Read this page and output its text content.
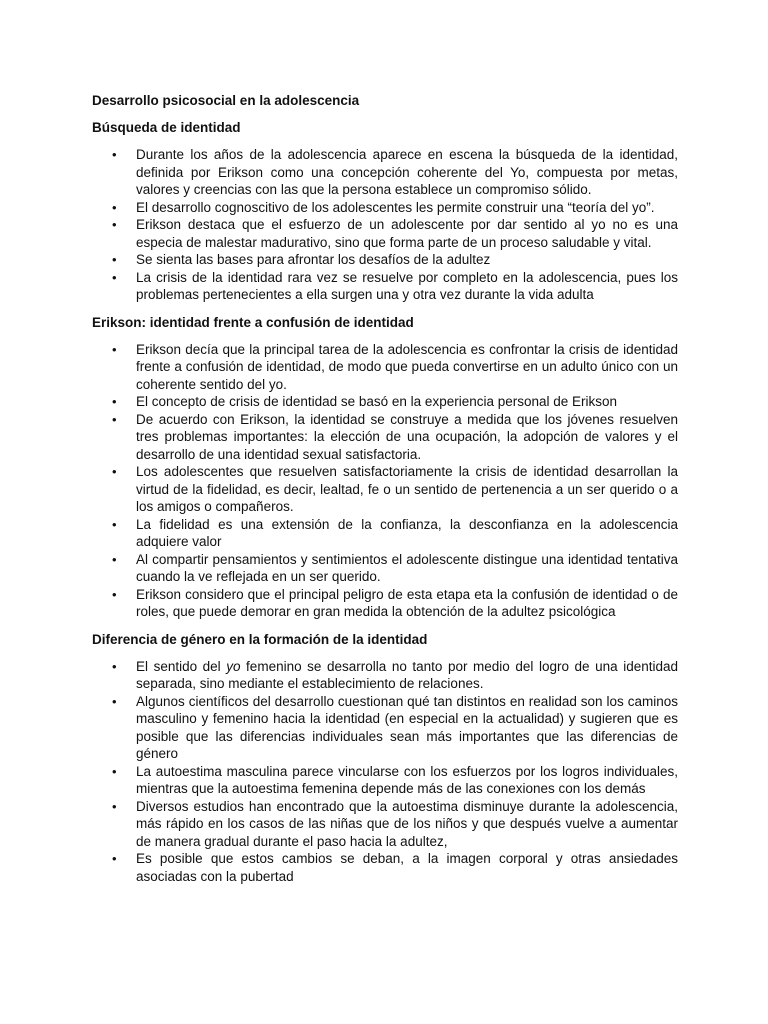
Desarrollo psicosocial en la adolescencia
Búsqueda de identidad
• Durante los años de la adolescencia aparece en escena la búsqueda de la identidad, definida por Erikson como una concepción coherente del Yo, compuesta por metas, valores y creencias con las que la persona establece un compromiso sólido.
• El desarrollo cognoscitivo de los adolescentes les permite construir una “teoría del yo”.
• Erikson destaca que el esfuerzo de un adolescente por dar sentido al yo no es una especia de malestar madurativo, sino que forma parte de un proceso saludable y vital.
• Se sienta las bases para afrontar los desafíos de la adultez
• La crisis de la identidad rara vez se resuelve por completo en la adolescencia, pues los problemas pertenecientes a ella surgen una y otra vez durante la vida adulta
Erikson: identidad frente a confusión de identidad
• Erikson decía que la principal tarea de la adolescencia es confrontar la crisis de identidad frente a confusión de identidad, de modo que pueda convertirse en un adulto único con un coherente sentido del yo.
• El concepto de crisis de identidad se basó en la experiencia personal de Erikson
• De acuerdo con Erikson, la identidad se construye a medida que los jóvenes resuelven tres problemas importantes: la elección de una ocupación, la adopción de valores y el desarrollo de una identidad sexual satisfactoria.
• Los adolescentes que resuelven satisfactoriamente la crisis de identidad desarrollan la virtud de la fidelidad, es decir, lealtad, fe o un sentido de pertenencia a un ser querido o a los amigos o compañeros.
• La fidelidad es una extensión de la confianza, la desconfianza en la adolescencia adquiere valor
• Al compartir pensamientos y sentimientos el adolescente distingue una identidad tentativa cuando la ve reflejada en un ser querido.
• Erikson considero que el principal peligro de esta etapa eta la confusión de identidad o de roles, que puede demorar en gran medida la obtención de la adultez psicológica
Diferencia de género en la formación de la identidad
• El sentido del yo femenino se desarrolla no tanto por medio del logro de una identidad separada, sino mediante el establecimiento de relaciones.
• Algunos científicos del desarrollo cuestionan qué tan distintos en realidad son los caminos masculino y femenino hacia la identidad (en especial en la actualidad) y sugieren que es posible que las diferencias individuales sean más importantes que las diferencias de género
• La autoestima masculina parece vincularse con los esfuerzos por los logros individuales, mientras que la autoestima femenina depende más de las conexiones con los demás
• Diversos estudios han encontrado que la autoestima disminuye durante la adolescencia, más rápido en los casos de las niñas que de los niños y que después vuelve a aumentar de manera gradual durante el paso hacia la adultez,
• Es posible que estos cambios se deban, a la imagen corporal y otras ansiedades asociadas con la pubertad
